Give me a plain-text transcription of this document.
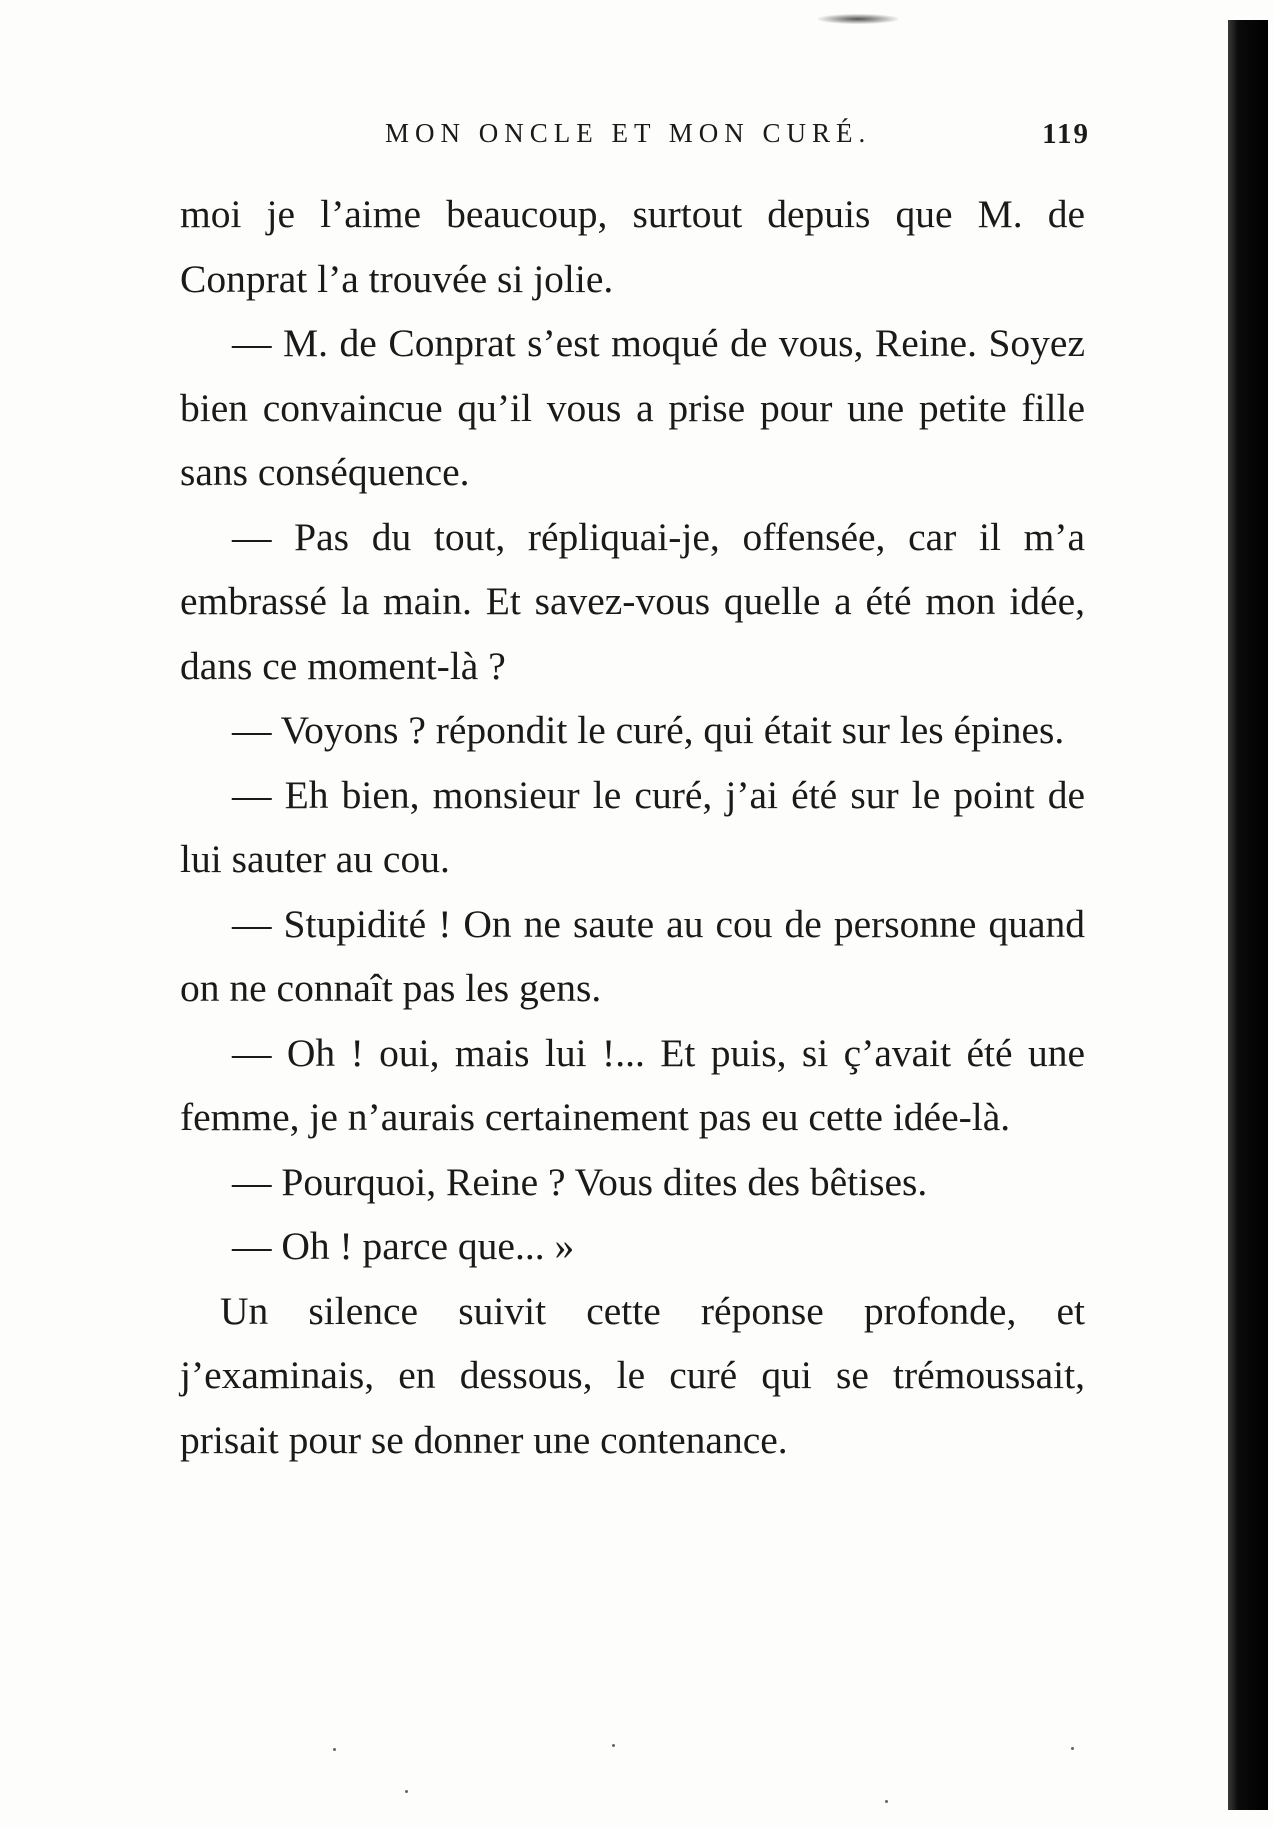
MON ONCLE ET MON CURÉ.	119

moi je l’aime beaucoup, surtout depuis que M. de Conprat l’a trouvée si jolie.

— M. de Conprat s’est moqué de vous, Reine. Soyez bien convaincue qu’il vous a prise pour une petite fille sans conséquence.

— Pas du tout, répliquai-je, offensée, car il m’a embrassé la main. Et savez-vous quelle a été mon idée, dans ce moment-là ?

— Voyons ? répondit le curé, qui était sur les épines.

— Eh bien, monsieur le curé, j’ai été sur le point de lui sauter au cou.

— Stupidité ! On ne saute au cou de personne quand on ne connaît pas les gens.

— Oh ! oui, mais lui !... Et puis, si ç’avait été une femme, je n’aurais certainement pas eu cette idée-là.

— Pourquoi, Reine ? Vous dites des bêtises.

— Oh ! parce que... »

Un silence suivit cette réponse profonde, et j’examinais, en dessous, le curé qui se trémoussait, prisait pour se donner une contenance.
